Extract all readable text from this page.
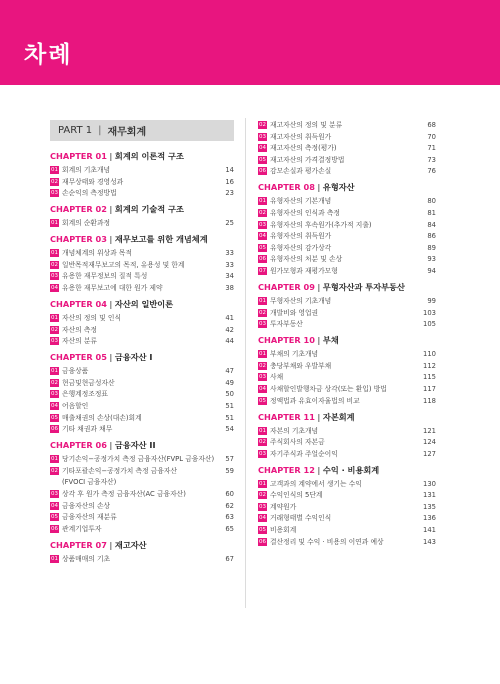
차례
PART 1 | 재무회계
CHAPTER 01 | 회계의 이론적 구조
01 회계의 기초개념	14
02 재무상태와 경영성과	16
03 손순익의 측정방법	23
CHAPTER 02 | 회계의 기술적 구조
01 회계의 순환과정	25
CHAPTER 03 | 재무보고를 위한 개념체계
01 개념체계의 위상과 목적	33
02 일반목적재무보고의 목적, 유용성 및 한계	33
03 유용한 재무정보의 질적 특성	34
04 유용한 재무보고에 대한 원가 제약	38
CHAPTER 04 | 자산의 일반이론
01 자산의 정의 및 인식	41
02 자산의 측정	42
03 자산의 분류	44
CHAPTER 05 | 금융자산 I
01 금융상품	47
02 현금및현금성자산	49
03 은행계정조정표	50
04 어음할인	51
05 매출채권의 손상(대손)회계	51
06 기타 채권과 채무	54
CHAPTER 06 | 금융자산 II
01 당기손익−공정가치 측정 금융자산(FVPL 금융자산)	57
02 기타포괄손익−공정가치 측정 금융자산	59
(FVOCI 금융자산)
03 상각 후 원가 측정 금융자산(AC 금융자산)	60
04 금융자산의 손상	62
05 금융자산의 재분류	63
06 관계기업투자	65
CHAPTER 07 | 재고자산
01 상품매매의 기초	67
02 재고자산의 정의 및 분류	68
03 재고자산의 취득원가	70
04 재고자산의 측정(평가)	71
05 재고자산의 가격결정방법	73
06 감모손실과 평가손실	76
CHAPTER 08 | 유형자산
01 유형자산의 기본개념	80
02 유형자산의 인식과 측정	81
03 유형자산의 후속원가(추가적 지출)	84
04 유형자산의 취득원가	86
05 유형자산의 감가상각	89
06 유형자산의 처분 및 손상	93
07 원가모형과 재평가모형	94
CHAPTER 09 | 무형자산과 투자부동산
01 무형자산의 기초개념	99
02 개발비와 영업권	103
03 투자부동산	105
CHAPTER 10 | 부채
01 부채의 기초개념	110
02 충당부채와 우발부채	112
03 사채	115
04 사채할인발행차금 상각(또는 환입) 방법	117
05 정액법과 유효이자율법의 비교	118
CHAPTER 11 | 자본회계
01 자본의 기초개념	121
02 주식회사의 자본금	124
03 자기주식과 주얼순이익	127
CHAPTER 12 | 수익 · 비용회계
01 고객과의 계약에서 생기는 수익	130
02 수익인식의 5단계	131
03 계약원가	135
04 거래형태별 수익인식	136
05 비용회계	141
06 결산정리 및 수익 · 비용의 이연과 예상	143
